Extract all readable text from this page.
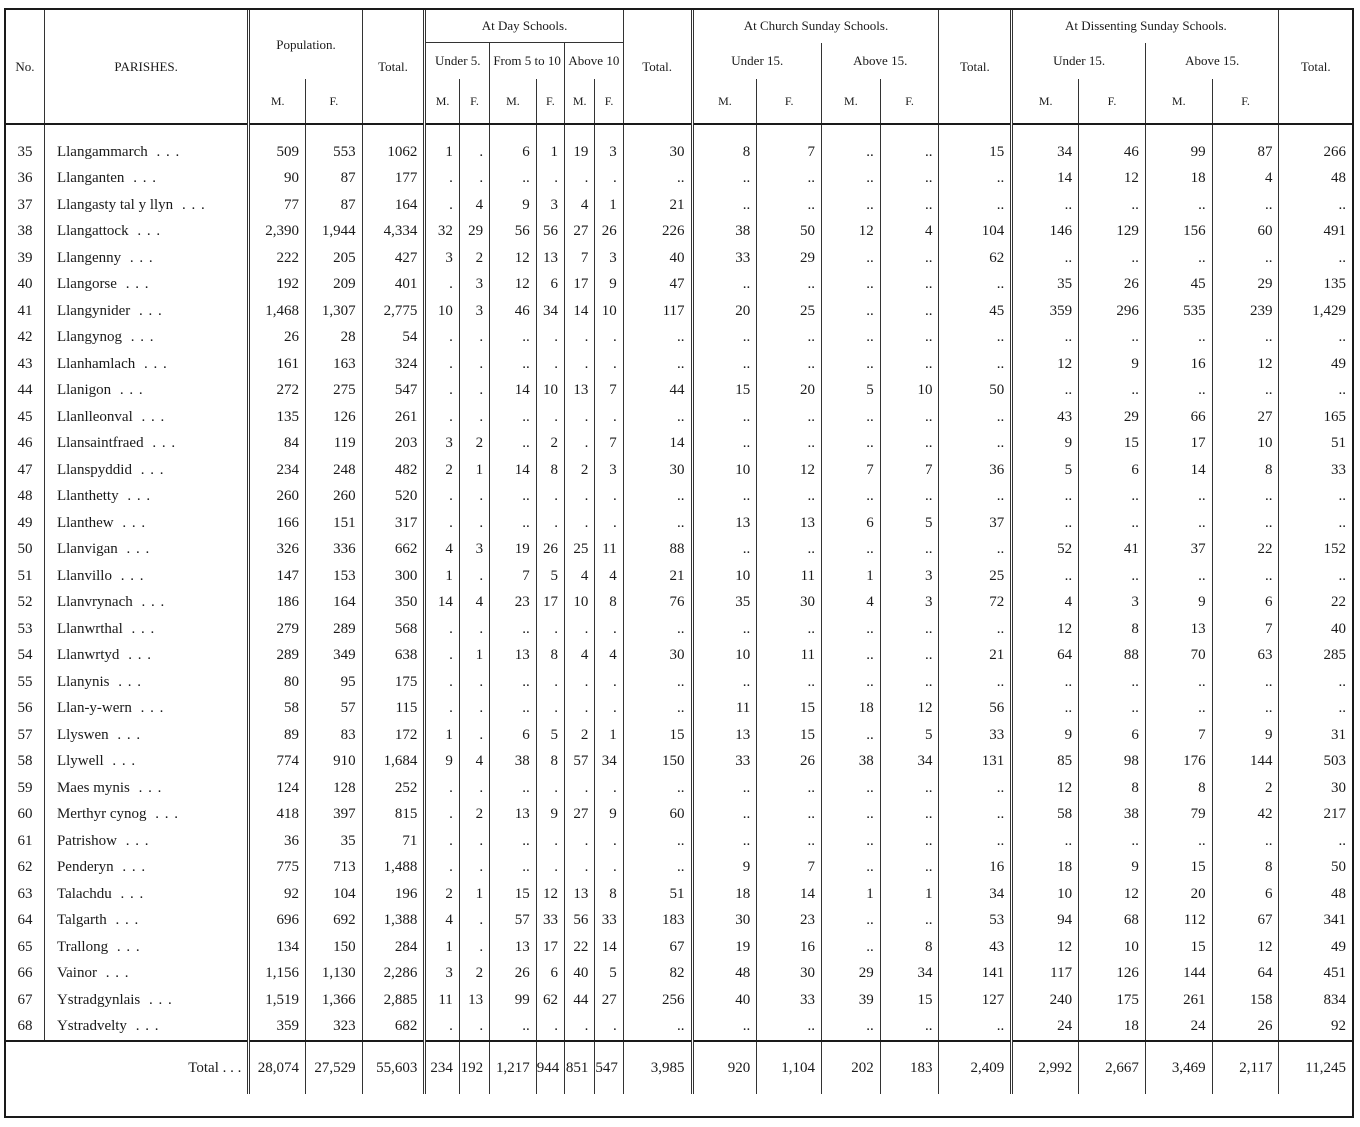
No.	PARISHES.	Population.		Total.	At Day Schools.						Total.	At Church Sunday Schools.				Total.	At Dissenting Sunday Schools.				Total.
					Under 5.		From 5 to 10		Above 10			Under 15.		Above 15.			Under 15.		Above 15.		
		M.	F.		M.	F.	M.	F.	M.	F.		M.	F.	M.	F.		M.	F.	M.	F.	
35	Llangammarch . . .	509	553	1062	1	.	6	1	19	3	30	8	7	..	..	15	34	46	99	87	266
36	Llanganten . . .	90	87	177	.	.	..	.	.	.	..	..	..	..	..	..	14	12	18	4	48
37	Llangasty tal y llyn . . .	77	87	164	.	4	9	3	4	1	21	..	..	..	..	..	..	..	..	..	..
38	Llangattock . . .	2,390	1,944	4,334	32	29	56	56	27	26	226	38	50	12	4	104	146	129	156	60	491
39	Llangenny . . .	222	205	427	3	2	12	13	7	3	40	33	29	..	..	62	..	..	..	..	..
40	Llangorse . . .	192	209	401	.	3	12	6	17	9	47	..	..	..	..	..	35	26	45	29	135
41	Llangynider . . .	1,468	1,307	2,775	10	3	46	34	14	10	117	20	25	..	..	45	359	296	535	239	1,429
42	Llangynog . . .	26	28	54	.	.	..	.	.	.	..	..	..	..	..	..	..	..	..	..	..
43	Llanhamlach . . .	161	163	324	.	.	..	.	.	.	..	..	..	..	..	..	12	9	16	12	49
44	Llanigon . . .	272	275	547	.	.	14	10	13	7	44	15	20	5	10	50	..	..	..	..	..
45	Llanlleonval . . .	135	126	261	.	.	..	.	.	.	..	..	..	..	..	..	43	29	66	27	165
46	Llansaintfraed . . .	84	119	203	3	2	..	2	.	7	14	..	..	..	..	..	9	15	17	10	51
47	Llanspyddid . . .	234	248	482	2	1	14	8	2	3	30	10	12	7	7	36	5	6	14	8	33
48	Llanthetty . . .	260	260	520	.	.	..	.	.	.	..	..	..	..	..	..	..	..	..	..	..
49	Llanthew . . .	166	151	317	.	.	..	.	.	.	..	13	13	6	5	37	..	..	..	..	..
50	Llanvigan . . .	326	336	662	4	3	19	26	25	11	88	..	..	..	..	..	52	41	37	22	152
51	Llanvillo . . .	147	153	300	1	.	7	5	4	4	21	10	11	1	3	25	..	..	..	..	..
52	Llanvrynach . . .	186	164	350	14	4	23	17	10	8	76	35	30	4	3	72	4	3	9	6	22
53	Llanwrthal . . .	279	289	568	.	.	..	.	.	.	..	..	..	..	..	..	12	8	13	7	40
54	Llanwrtyd . . .	289	349	638	.	1	13	8	4	4	30	10	11	..	..	21	64	88	70	63	285
55	Llanynis . . .	80	95	175	.	.	..	.	.	.	..	..	..	..	..	..	..	..	..	..	..
56	Llan-y-wern . . .	58	57	115	.	.	..	.	.	.	..	11	15	18	12	56	..	..	..	..	..
57	Llyswen . . .	89	83	172	1	.	6	5	2	1	15	13	15	..	5	33	9	6	7	9	31
58	Llywell . . .	774	910	1,684	9	4	38	8	57	34	150	33	26	38	34	131	85	98	176	144	503
59	Maes mynis . . .	124	128	252	.	.	..	.	.	.	..	..	..	..	..	..	12	8	8	2	30
60	Merthyr cynog . . .	418	397	815	.	2	13	9	27	9	60	..	..	..	..	..	58	38	79	42	217
61	Patrishow . . .	36	35	71	.	.	..	.	.	.	..	..	..	..	..	..	..	..	..	..	..
62	Penderyn . . .	775	713	1,488	.	.	..	.	.	.	..	9	7	..	..	16	18	9	15	8	50
63	Talachdu . . .	92	104	196	2	1	15	12	13	8	51	18	14	1	1	34	10	12	20	6	48
64	Talgarth . . .	696	692	1,388	4	.	57	33	56	33	183	30	23	..	..	53	94	68	112	67	341
65	Trallong . . .	134	150	284	1	.	13	17	22	14	67	19	16	..	8	43	12	10	15	12	49
66	Vainor . . .	1,156	1,130	2,286	3	2	26	6	40	5	82	48	30	29	34	141	117	126	144	64	451
67	Ystradgynlais . . .	1,519	1,366	2,885	11	13	99	62	44	27	256	40	33	39	15	127	240	175	261	158	834
68	Ystradvelty . . .	359	323	682	.	.	..	.	.	.	..	..	..	..	..	..	24	18	24	26	92
Total . . .		28,074	27,529	55,603	234	192	1,217	944	851	547	3,985	920	1,104	202	183	2,409	2,992	2,667	3,469	2,117	11,245
